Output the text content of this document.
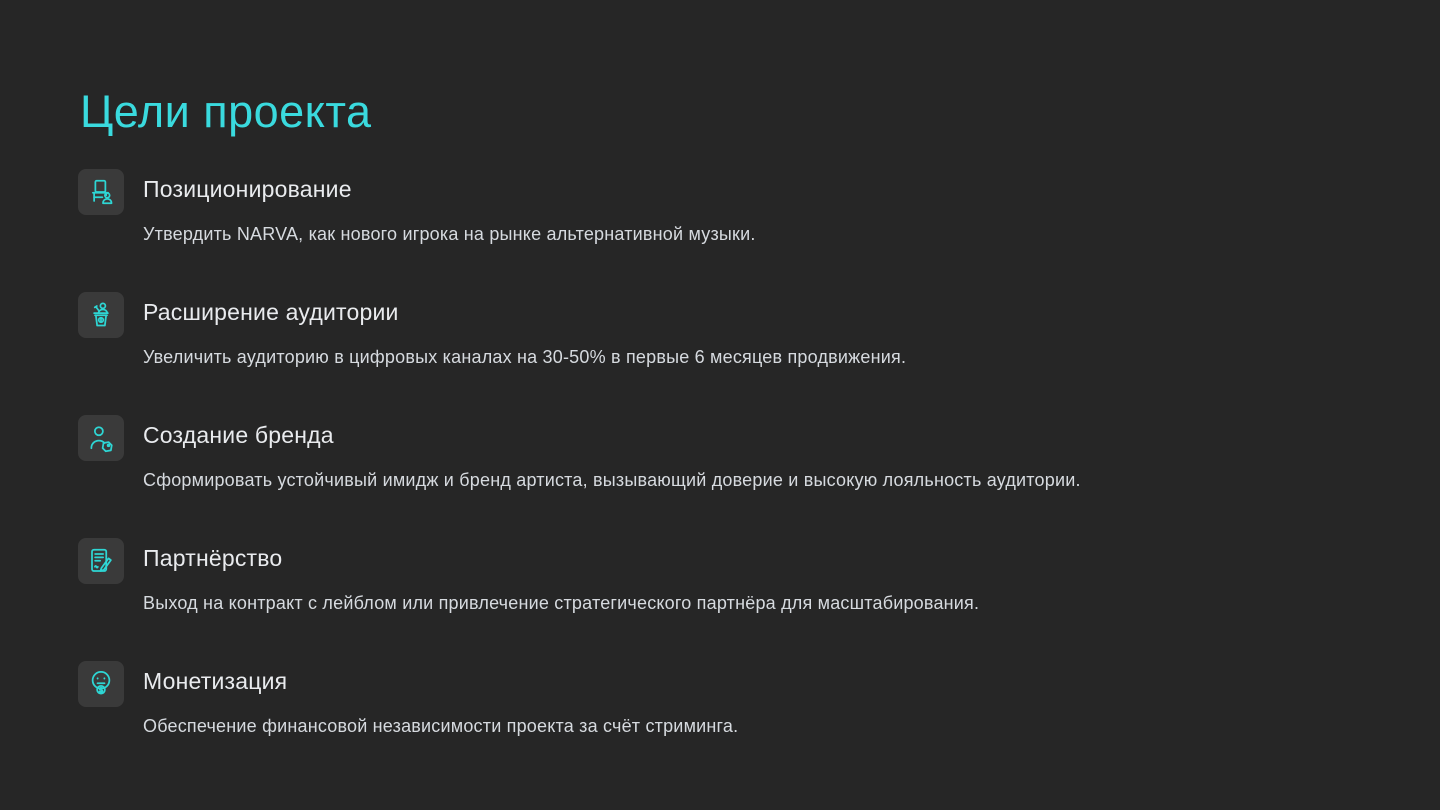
Цели проекта
Позиционирование
Утвердить NARVA, как нового игрока на рынке альтернативной музыки.
Расширение аудитории
Увеличить аудиторию в цифровых каналах на 30-50% в первые 6 месяцев продвижения.
Создание бренда
Сформировать устойчивый имидж и бренд артиста, вызывающий доверие и высокую лояльность аудитории.
Партнёрство
Выход на контракт с лейблом или привлечение стратегического партнёра для масштабирования.
Монетизация
Обеспечение финансовой независимости проекта за счёт стриминга.
